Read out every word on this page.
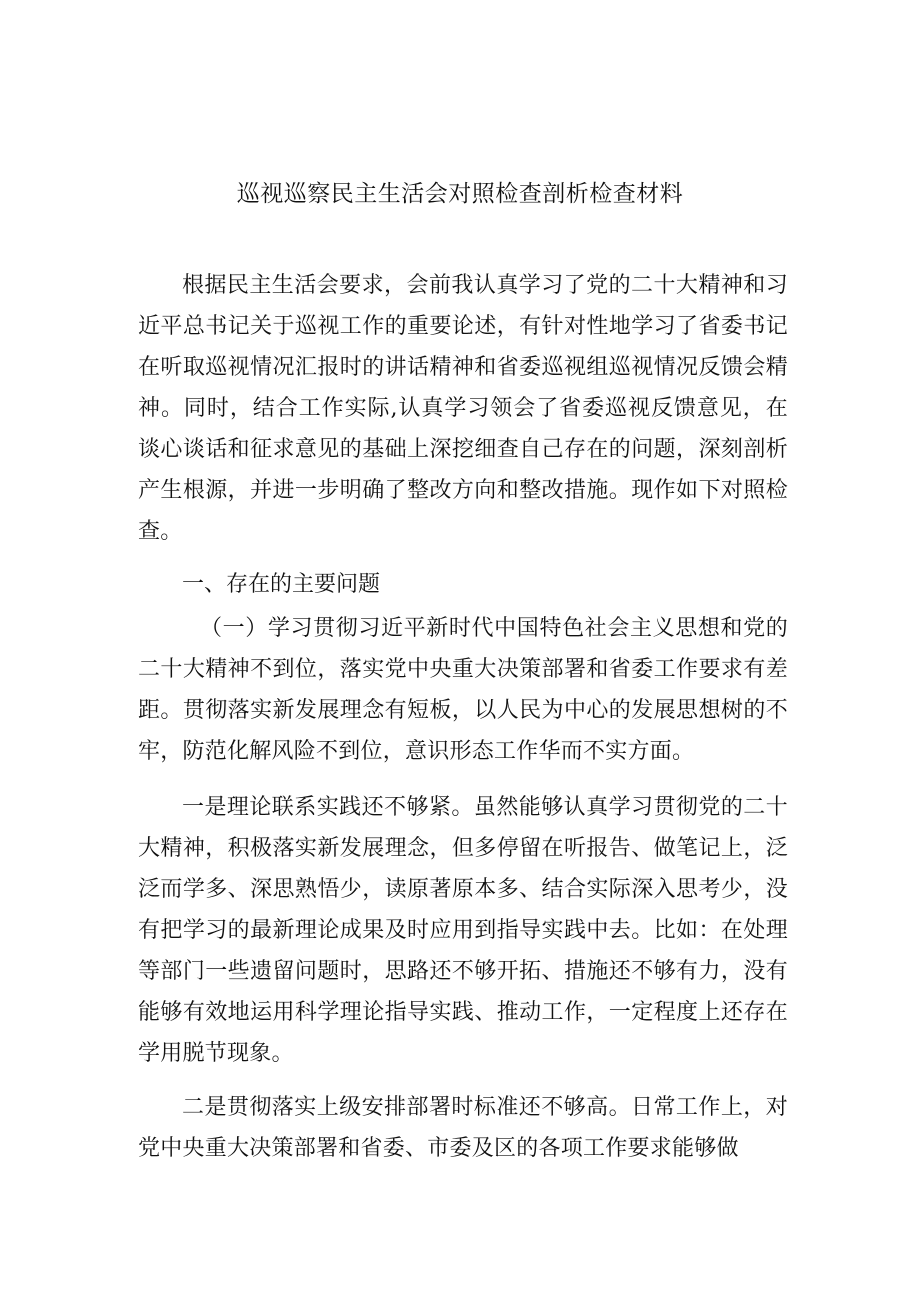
巡视巡察民主生活会对照检查剖析检查材料

根据民主生活会要求，会前我认真学习了党的二十大精神和习近平总书记关于巡视工作的重要论述，有针对性地学习了省委书记在听取巡视情况汇报时的讲话精神和省委巡视组巡视情况反馈会精神。同时，结合工作实际,认真学习领会了省委巡视反馈意见，在谈心谈话和征求意见的基础上深挖细查自己存在的问题，深刻剖析产生根源，并进一步明确了整改方向和整改措施。现作如下对照检查。

一、存在的主要问题

（一）学习贯彻习近平新时代中国特色社会主义思想和党的二十大精神不到位，落实党中央重大决策部署和省委工作要求有差距。贯彻落实新发展理念有短板，以人民为中心的发展思想树的不牢，防范化解风险不到位，意识形态工作华而不实方面。

一是理论联系实践还不够紧。虽然能够认真学习贯彻党的二十大精神，积极落实新发展理念，但多停留在听报告、做笔记上，泛泛而学多、深思熟悟少，读原著原本多、结合实际深入思考少，没有把学习的最新理论成果及时应用到指导实践中去。比如：在处理等部门一些遗留问题时，思路还不够开拓、措施还不够有力，没有能够有效地运用科学理论指导实践、推动工作，一定程度上还存在学用脱节现象。

二是贯彻落实上级安排部署时标准还不够高。日常工作上，对党中央重大决策部署和省委、市委及区的各项工作要求能够做
